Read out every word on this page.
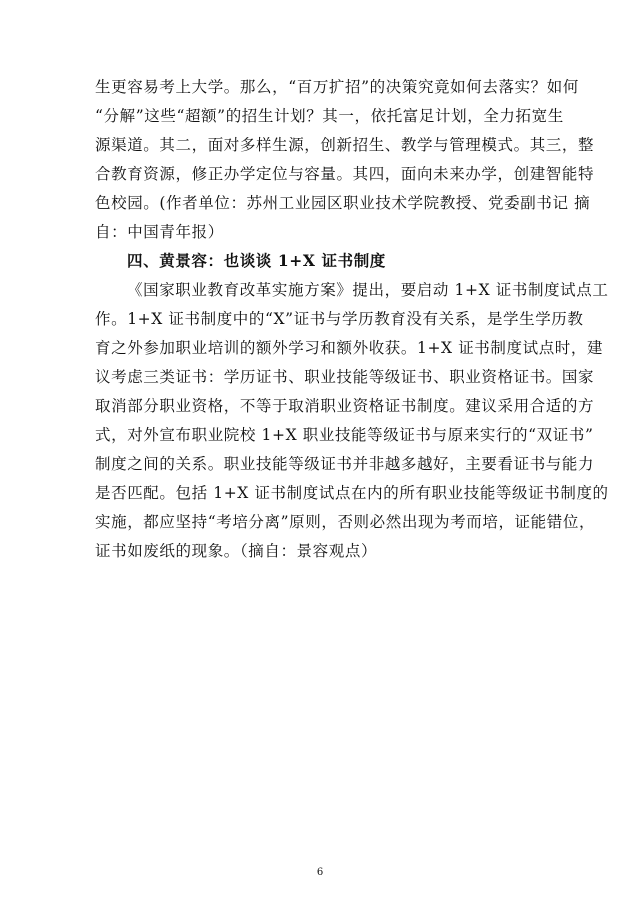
生更容易考上大学。那么，“百万扩招”的决策究竟如何去落实？如何
“分解”这些“超额”的招生计划？其一，依托富足计划，全力拓宽生
源渠道。其二，面对多样生源，创新招生、教学与管理模式。其三，整
合教育资源，修正办学定位与容量。其四，面向未来办学，创建智能特
色校园。(作者单位：苏州工业园区职业技术学院教授、党委副书记 摘
自：中国青年报）
四、黄景容：也谈谈 1+X 证书制度
《国家职业教育改革实施方案》提出，要启动 1+X 证书制度试点工
作。1+X 证书制度中的“X”证书与学历教育没有关系，是学生学历教
育之外参加职业培训的额外学习和额外收获。1+X 证书制度试点时，建
议考虑三类证书：学历证书、职业技能等级证书、职业资格证书。国家
取消部分职业资格，不等于取消职业资格证书制度。建议采用合适的方
式，对外宣布职业院校 1+X 职业技能等级证书与原来实行的“双证书”
制度之间的关系。职业技能等级证书并非越多越好，主要看证书与能力
是否匹配。包括 1+X 证书制度试点在内的所有职业技能等级证书制度的
实施，都应坚持“考培分离”原则，否则必然出现为考而培，证能错位，
证书如废纸的现象。（摘自：景容观点）
6
